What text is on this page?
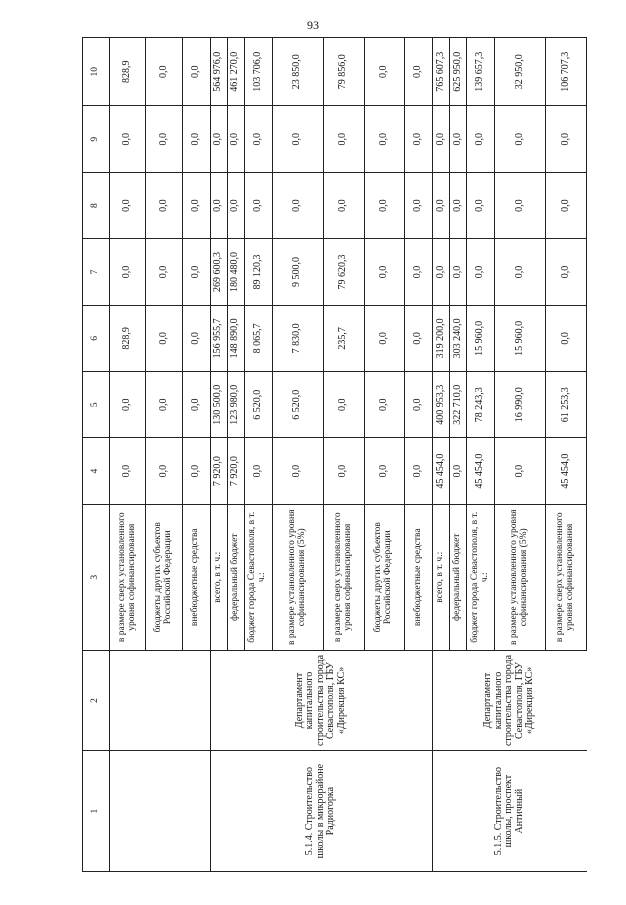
93
1	2	3	4	5	6	7	8	9	10
		в размере сверх установленного уровня софинансирования	0,0	0,0	828,9	0,0	0,0	0,0	828,9
		бюджеты других субъектов Российской Федерации	0,0	0,0	0,0	0,0	0,0	0,0	0,0
		внебюджетные средства	0,0	0,0	0,0	0,0	0,0	0,0	0,0
5.1.4. Строительство школы в микрорайоне Радиогорка	Департамент капитального строительства города Севастополя, ГБУ «Дирекция КС»	всего, в т. ч.:	7 920,0	130 500,0	156 955,7	269 600,3	0,0	0,0	564 976,0
		федеральный бюджет	7 920,0	123 980,0	148 890,0	180 480,0	0,0	0,0	461 270,0
		бюджет города Севастополя, в т. ч.:	0,0	6 520,0	8 065,7	89 120,3	0,0	0,0	103 706,0
		в размере установленного уровня софинансирования (5%)	0,0	6 520,0	7 830,0	9 500,0	0,0	0,0	23 850,0
		в размере сверх установленного уровня софинансирования	0,0	0,0	235,7	79 620,3	0,0	0,0	79 856,0
		бюджеты других субъектов Российской Федерации	0,0	0,0	0,0	0,0	0,0	0,0	0,0
		внебюджетные средства	0,0	0,0	0,0	0,0	0,0	0,0	0,0
5.1.5. Строительство школы, проспект Античный	Департамент капитального строительства города Севастополя, ГБУ «Дирекция КС»	всего, в т. ч.:	45 454,0	400 953,3	319 200,0	0,0	0,0	0,0	765 607,3
		федеральный бюджет	0,0	322 710,0	303 240,0	0,0	0,0	0,0	625 950,0
		бюджет города Севастополя, в т. ч.:	45 454,0	78 243,3	15 960,0	0,0	0,0	0,0	139 657,3
		в размере установленного уровня софинансирования (5%)	0,0	16 990,0	15 960,0	0,0	0,0	0,0	32 950,0
		в размере сверх установленного уровня софинансирования	45 454,0	61 253,3	0,0	0,0	0,0	0,0	106 707,3
